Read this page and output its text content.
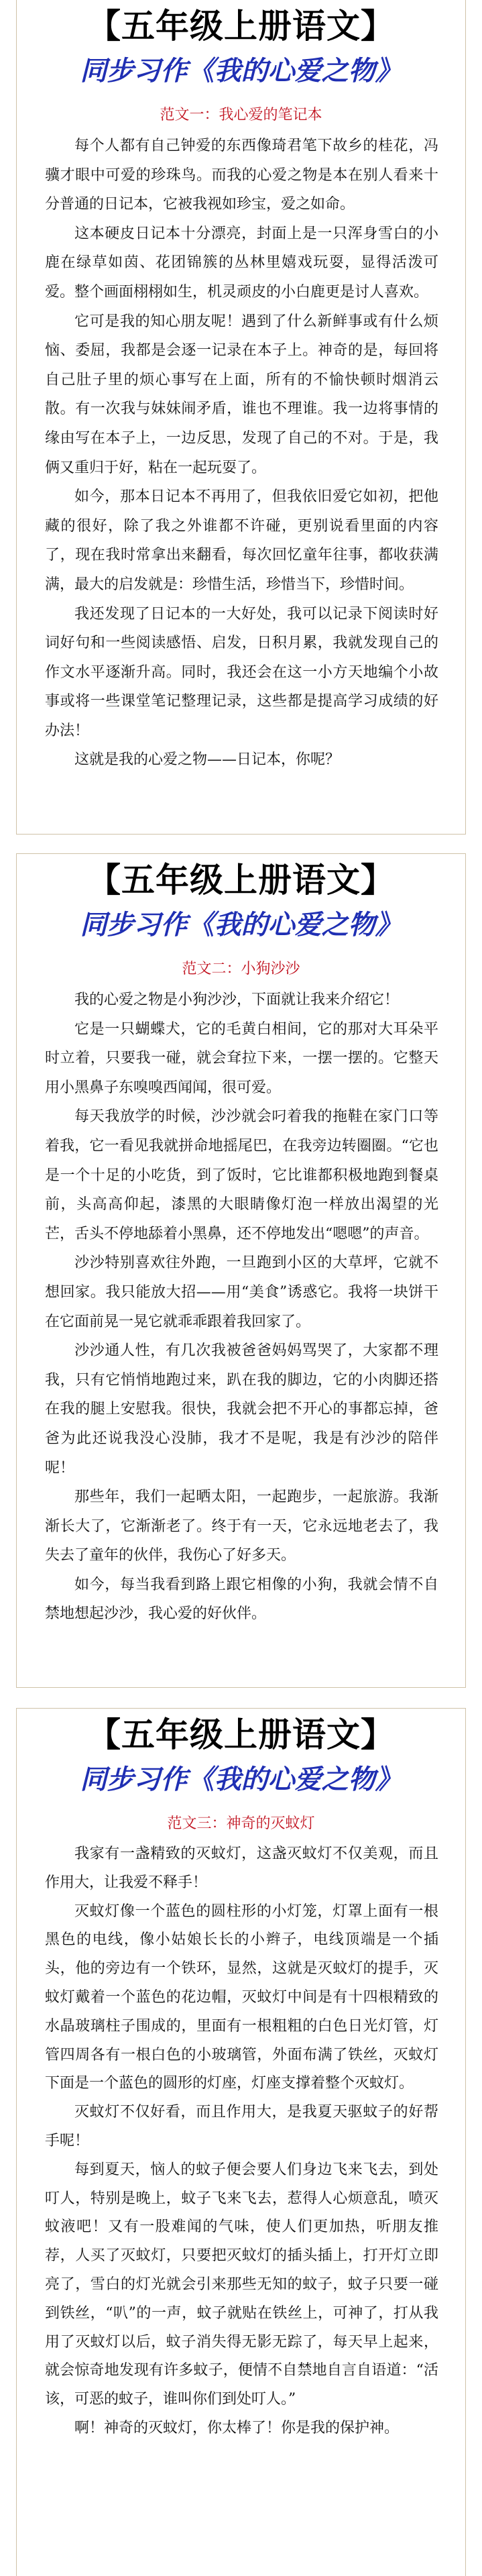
【五年级上册语文】
同步习作《我的心爱之物》
范文一：我心爱的笔记本

每个人都有自己钟爱的东西像琦君笔下故乡的桂花，冯骥才眼中可爱的珍珠鸟。而我的心爱之物是本在别人看来十分普通的日记本，它被我视如珍宝，爱之如命。

这本硬皮日记本十分漂亮，封面上是一只浑身雪白的小鹿在绿草如茵、花团锦簇的丛林里嬉戏玩耍，显得活泼可爱。整个画面栩栩如生，机灵顽皮的小白鹿更是讨人喜欢。

它可是我的知心朋友呢！遇到了什么新鲜事或有什么烦恼、委屈，我都是会逐一记录在本子上。神奇的是，每回将自己肚子里的烦心事写在上面，所有的不愉快顿时烟消云散。有一次我与妹妹闹矛盾，谁也不理谁。我一边将事情的缘由写在本子上，一边反思，发现了自己的不对。于是，我俩又重归于好，粘在一起玩耍了。

如今，那本日记本不再用了，但我依旧爱它如初，把他藏的很好，除了我之外谁都不许碰，更别说看里面的内容了，现在我时常拿出来翻看，每次回忆童年往事，都收获满满，最大的启发就是：珍惜生活，珍惜当下，珍惜时间。

我还发现了日记本的一大好处，我可以记录下阅读时好词好句和一些阅读感悟、启发，日积月累，我就发现自己的作文水平逐渐升高。同时，我还会在这一小方天地编个小故事或将一些课堂笔记整理记录，这些都是提高学习成绩的好办法！

这就是我的心爱之物——日记本，你呢？

【五年级上册语文】
同步习作《我的心爱之物》
范文二：小狗沙沙

我的心爱之物是小狗沙沙，下面就让我来介绍它！

它是一只蝴蝶犬，它的毛黄白相间，它的那对大耳朵平时立着，只要我一碰，就会耷拉下来，一摆一摆的。它整天用小黑鼻子东嗅嗅西闻闻，很可爱。

每天我放学的时候，沙沙就会叼着我的拖鞋在家门口等着我，它一看见我就拼命地摇尾巴，在我旁边转圈圈。“它也是一个十足的小吃货，到了饭时，它比谁都积极地跑到餐桌前，头高高仰起，漆黑的大眼睛像灯泡一样放出渴望的光芒，舌头不停地舔着小黑鼻，还不停地发出“嗯嗯”的声音。

沙沙特别喜欢往外跑，一旦跑到小区的大草坪，它就不想回家。我只能放大招——用“美食”诱惑它。我将一块饼干在它面前晃一晃它就乖乖跟着我回家了。

沙沙通人性，有几次我被爸爸妈妈骂哭了，大家都不理我，只有它悄悄地跑过来，趴在我的脚边，它的小肉脚还搭在我的腿上安慰我。很快，我就会把不开心的事都忘掉，爸爸为此还说我没心没肺，我才不是呢，我是有沙沙的陪伴呢！

那些年，我们一起晒太阳，一起跑步，一起旅游。我渐渐长大了，它渐渐老了。终于有一天，它永远地老去了，我失去了童年的伙伴，我伤心了好多天。

如今，每当我看到路上跟它相像的小狗，我就会情不自禁地想起沙沙，我心爱的好伙伴。

【五年级上册语文】
同步习作《我的心爱之物》
范文三：神奇的灭蚊灯

我家有一盏精致的灭蚊灯，这盏灭蚊灯不仅美观，而且作用大，让我爱不释手！

灭蚊灯像一个蓝色的圆柱形的小灯笼，灯罩上面有一根黑色的电线，像小姑娘长长的小辫子，电线顶端是一个插头，他的旁边有一个铁环，显然，这就是灭蚊灯的提手，灭蚊灯戴着一个蓝色的花边帽，灭蚊灯中间是有十四根精致的水晶玻璃柱子围成的，里面有一根粗粗的白色日光灯管，灯管四周各有一根白色的小玻璃管，外面布满了铁丝，灭蚊灯下面是一个蓝色的圆形的灯座，灯座支撑着整个灭蚊灯。

灭蚊灯不仅好看，而且作用大，是我夏天驱蚊子的好帮手呢！

每到夏天，恼人的蚊子便会要人们身边飞来飞去，到处叮人，特别是晚上，蚊子飞来飞去，惹得人心烦意乱，喷灭蚊液吧！又有一股难闻的气味，使人们更加热，听朋友推荐，人买了灭蚊灯，只要把灭蚊灯的插头插上，打开灯立即亮了，雪白的灯光就会引来那些无知的蚊子，蚊子只要一碰到铁丝，“叭”的一声，蚊子就贴在铁丝上，可神了，打从我用了灭蚊灯以后，蚊子消失得无影无踪了，每天早上起来，就会惊奇地发现有许多蚊子，便情不自禁地自言自语道：“活该，可恶的蚊子，谁叫你们到处叮人。”

啊！神奇的灭蚊灯，你太棒了！你是我的保护神。
